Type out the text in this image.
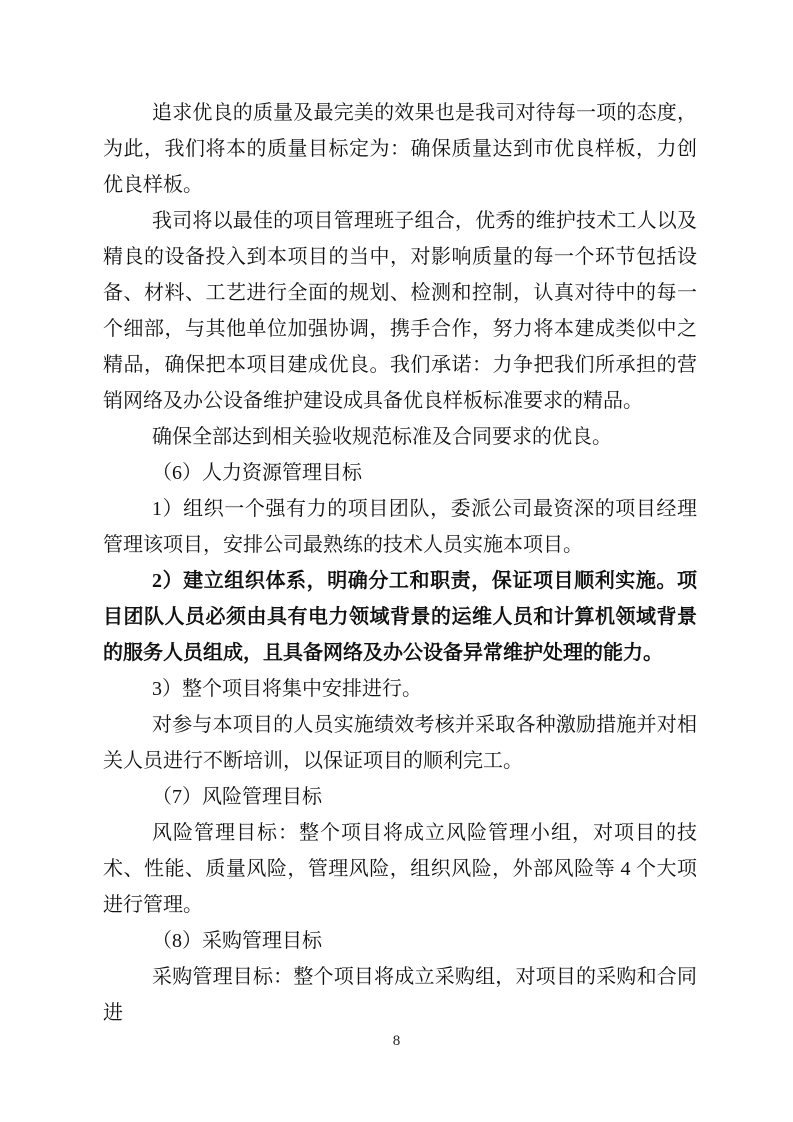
追求优良的质量及最完美的效果也是我司对待每一项的态度，为此，我们将本的质量目标定为：确保质量达到市优良样板，力创优良样板。

我司将以最佳的项目管理班子组合，优秀的维护技术工人以及精良的设备投入到本项目的当中，对影响质量的每一个环节包括设备、材料、工艺进行全面的规划、检测和控制，认真对待中的每一个细部，与其他单位加强协调，携手合作，努力将本建成类似中之精品，确保把本项目建成优良。我们承诺：力争把我们所承担的营销网络及办公设备维护建设成具备优良样板标准要求的精品。

确保全部达到相关验收规范标准及合同要求的优良。

（6）人力资源管理目标

1）组织一个强有力的项目团队，委派公司最资深的项目经理管理该项目，安排公司最熟练的技术人员实施本项目。

2）建立组织体系，明确分工和职责，保证项目顺利实施。项目团队人员必须由具有电力领域背景的运维人员和计算机领域背景的服务人员组成，且具备网络及办公设备异常维护处理的能力。

3）整个项目将集中安排进行。

对参与本项目的人员实施绩效考核并采取各种激励措施并对相关人员进行不断培训，以保证项目的顺利完工。

（7）风险管理目标

风险管理目标：整个项目将成立风险管理小组，对项目的技术、性能、质量风险，管理风险，组织风险，外部风险等 4 个大项进行管理。

（8）采购管理目标

采购管理目标：整个项目将成立采购组，对项目的采购和合同进

8
